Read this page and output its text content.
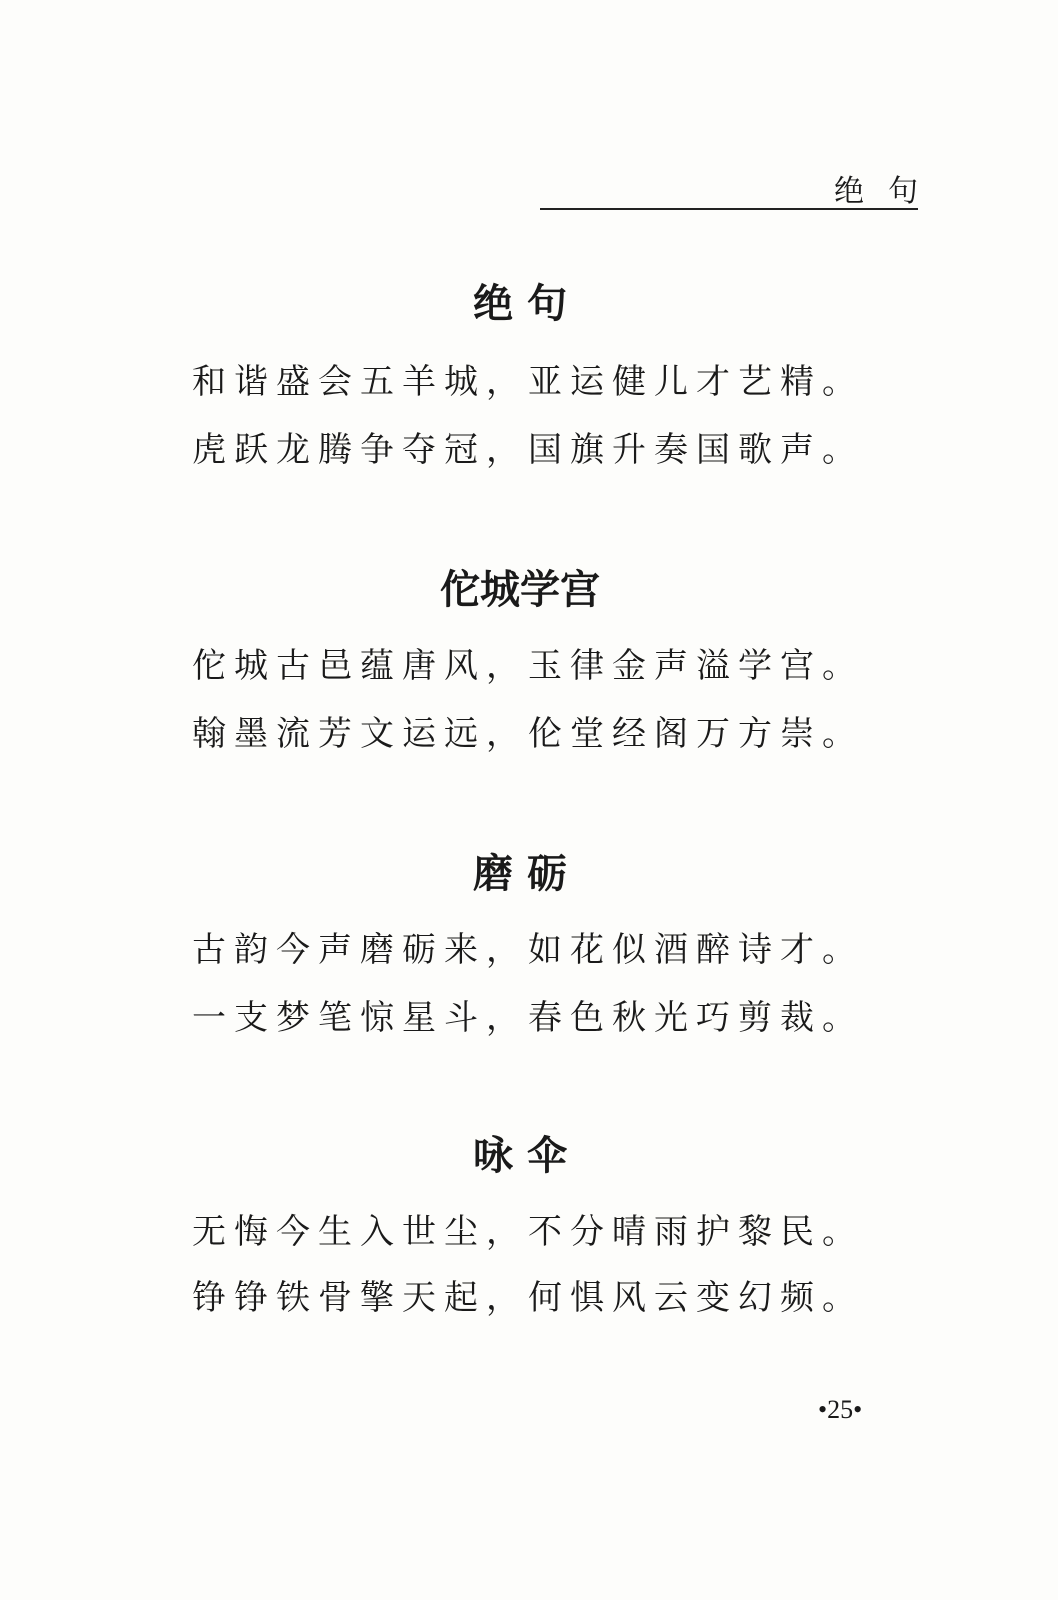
绝句
绝 句
和谐盛会五羊城，亚运健儿才艺精。
虎跃龙腾争夺冠，国旗升奏国歌声。
佗城学宫
佗城古邑蕴唐风，玉律金声溢学宫。
翰墨流芳文运远，伦堂经阁万方崇。
磨 砺
古韵今声磨砺来，如花似酒醉诗才。
一支梦笔惊星斗，春色秋光巧剪裁。
咏 伞
无悔今生入世尘，不分晴雨护黎民。
铮铮铁骨擎天起，何惧风云变幻频。
•25•
